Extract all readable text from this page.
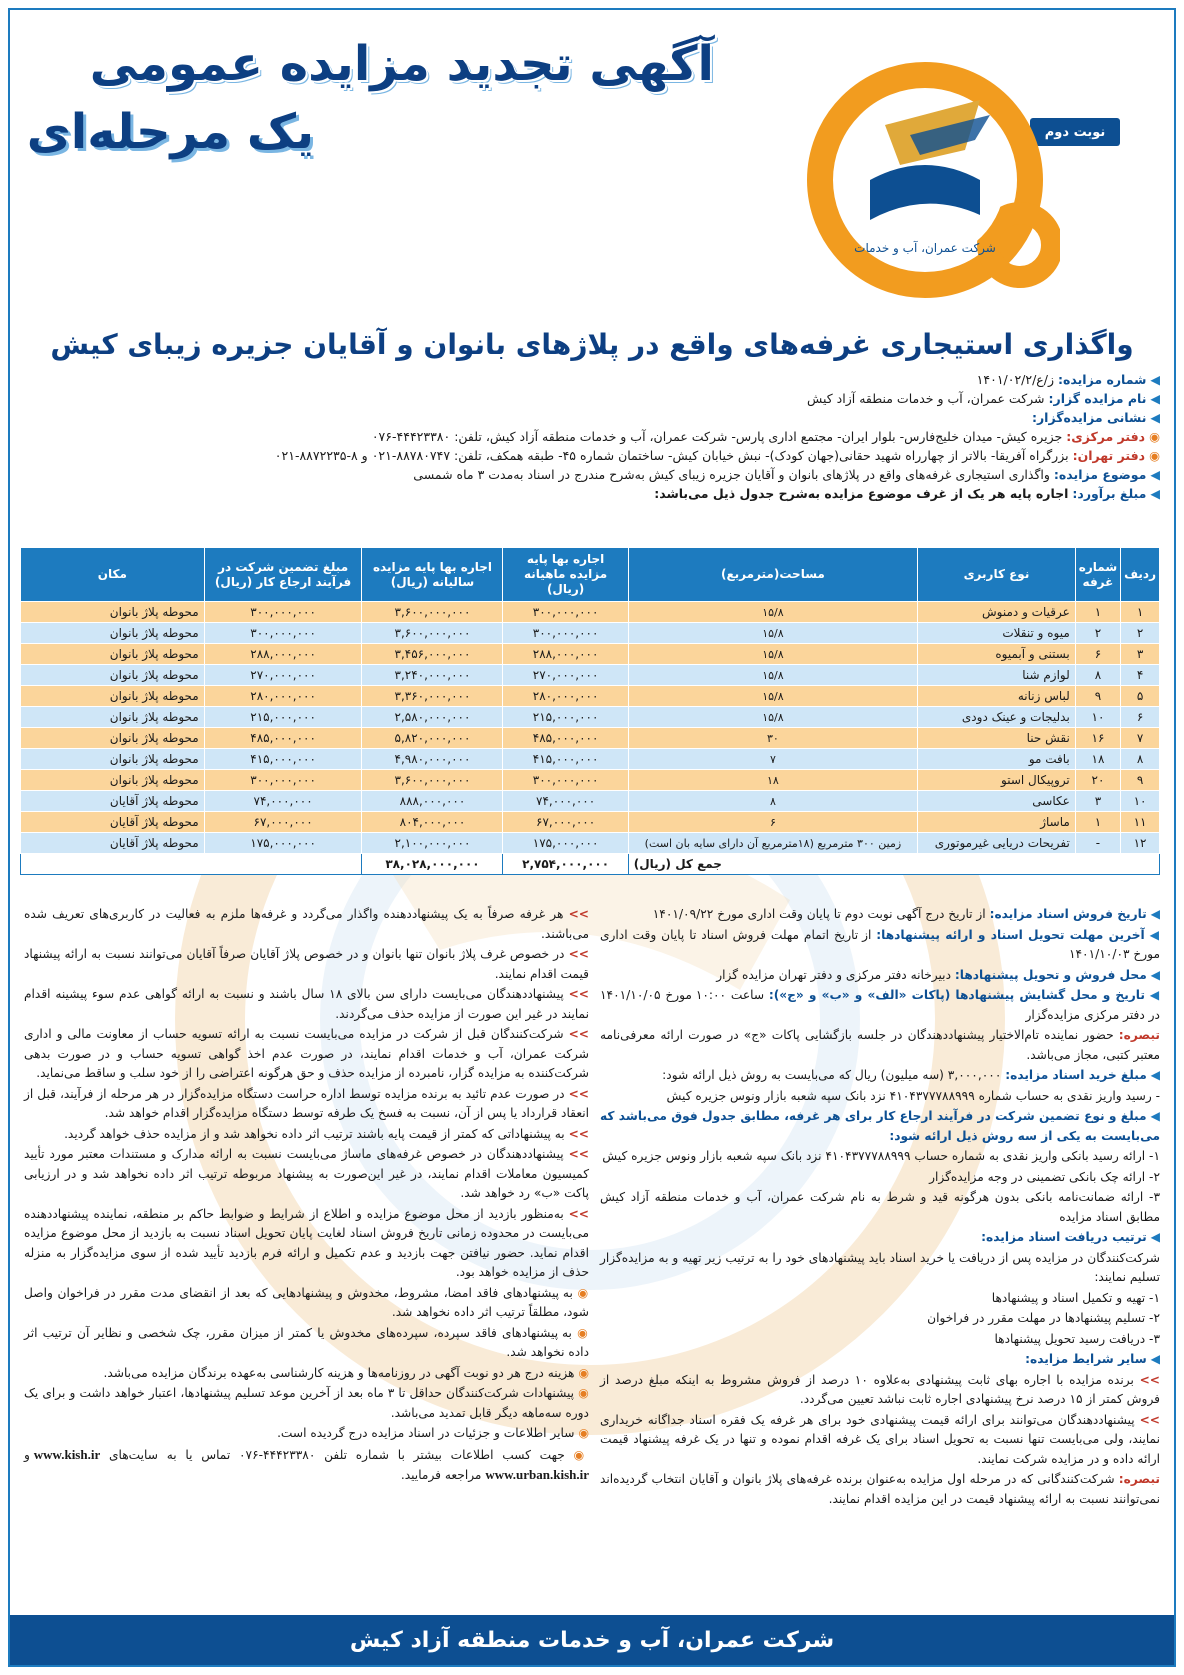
آگهی تجدید مزایده عمومی
یک مرحله‌ای	نوبت دوم
شرکت عمران، آب و خدمات
واگذاری استیجاری غرفه‌های واقع در پلاژهای بانوان و آقایان جزیره زیبای کیش
◀ شماره مزایده: ز/ع/۱۴۰۱/۰۲/۲
◀ نام مزایده گزار: شرکت عمران، آب و خدمات منطقه آزاد کیش
◀ نشانی مزایده‌گزار:
◉ دفتر مرکزی: جزیره کیش- میدان خلیج‌فارس- بلوار ایران- مجتمع اداری پارس- شرکت عمران، آب و خدمات منطقه آزاد کیش، تلفن: ۴۴۴۲۳۳۸۰-۰۷۶
◉ دفتر تهران: بزرگراه آفریقا- بالاتر از چهارراه شهید حقانی(جهان کودک)- نبش خیابان کیش- ساختمان شماره ۴۵- طبقه همکف، تلفن: ۸۸۷۸۰۷۴۷-۰۲۱ و ۸-۸۸۷۲۲۳۵-۰۲۱
◀ موضوع مزایده: واگذاری استیجاری غرفه‌های واقع در پلاژهای بانوان و آقایان جزیره زیبای کیش به‌شرح مندرج در اسناد به‌مدت ۳ ماه شمسی
◀ مبلغ برآورد: اجاره پایه هر یک از غرف موضوع مزایده به‌شرح جدول ذیل می‌باشد:
ردیف	شماره غرفه	نوع کاربری	مساحت(مترمربع)	اجاره بها پایه مزایده ماهیانه (ریال)	اجاره بها پایه مزایده سالیانه (ریال)	مبلغ تضمین شرکت در فرآیند ارجاع کار (ریال)	مکان
۱	۱	عرقیات و دمنوش	۱۵/۸	۳۰۰,۰۰۰,۰۰۰	۳,۶۰۰,۰۰۰,۰۰۰	۳۰۰,۰۰۰,۰۰۰	محوطه پلاژ بانوان
۲	۲	میوه و تنقلات	۱۵/۸	۳۰۰,۰۰۰,۰۰۰	۳,۶۰۰,۰۰۰,۰۰۰	۳۰۰,۰۰۰,۰۰۰	محوطه پلاژ بانوان
۳	۶	بستنی و آبمیوه	۱۵/۸	۲۸۸,۰۰۰,۰۰۰	۳,۴۵۶,۰۰۰,۰۰۰	۲۸۸,۰۰۰,۰۰۰	محوطه پلاژ بانوان
۴	۸	لوازم شنا	۱۵/۸	۲۷۰,۰۰۰,۰۰۰	۳,۲۴۰,۰۰۰,۰۰۰	۲۷۰,۰۰۰,۰۰۰	محوطه پلاژ بانوان
۵	۹	لباس زنانه	۱۵/۸	۲۸۰,۰۰۰,۰۰۰	۳,۳۶۰,۰۰۰,۰۰۰	۲۸۰,۰۰۰,۰۰۰	محوطه پلاژ بانوان
۶	۱۰	بدلیجات و عینک دودی	۱۵/۸	۲۱۵,۰۰۰,۰۰۰	۲,۵۸۰,۰۰۰,۰۰۰	۲۱۵,۰۰۰,۰۰۰	محوطه پلاژ بانوان
۷	۱۶	نقش حنا	۳۰	۴۸۵,۰۰۰,۰۰۰	۵,۸۲۰,۰۰۰,۰۰۰	۴۸۵,۰۰۰,۰۰۰	محوطه پلاژ بانوان
۸	۱۸	بافت مو	۷	۴۱۵,۰۰۰,۰۰۰	۴,۹۸۰,۰۰۰,۰۰۰	۴۱۵,۰۰۰,۰۰۰	محوطه پلاژ بانوان
۹	۲۰	تروپیکال استو	۱۸	۳۰۰,۰۰۰,۰۰۰	۳,۶۰۰,۰۰۰,۰۰۰	۳۰۰,۰۰۰,۰۰۰	محوطه پلاژ بانوان
۱۰	۳	عکاسی	۸	۷۴,۰۰۰,۰۰۰	۸۸۸,۰۰۰,۰۰۰	۷۴,۰۰۰,۰۰۰	محوطه پلاژ آقایان
۱۱	۱	ماساژ	۶	۶۷,۰۰۰,۰۰۰	۸۰۴,۰۰۰,۰۰۰	۶۷,۰۰۰,۰۰۰	محوطه پلاژ آقایان
۱۲	-	تفریحات دریایی غیرموتوری	زمین ۳۰۰ مترمربع (۱۸مترمربع آن دارای سایه بان است)	۱۷۵,۰۰۰,۰۰۰	۲,۱۰۰,۰۰۰,۰۰۰	۱۷۵,۰۰۰,۰۰۰	محوطه پلاژ آقایان
جمع کل (ریال)				۲,۷۵۴,۰۰۰,۰۰۰	۳۸,۰۲۸,۰۰۰,۰۰۰		

◀ تاریخ فروش اسناد مزایده: از تاریخ درج آگهی نوبت دوم تا پایان وقت اداری مورخ ۱۴۰۱/۰۹/۲۲

◀ آخرین مهلت تحویل اسناد و ارائه پیشنهادها: از تاریخ اتمام مهلت فروش اسناد تا پایان وقت اداری مورخ ۱۴۰۱/۱۰/۰۳

◀ محل فروش و تحویل پیشنهادها: دبیرخانه دفتر مرکزی و دفتر تهران مزایده گزار

◀ تاریخ و محل گشایش پیشنهادها (پاکات «الف» و «ب» و «ج»): ساعت ۱۰:۰۰ مورخ ۱۴۰۱/۱۰/۰۵ در دفتر مرکزی مزایده‌گزار

تبصره: حضور نماینده تام‌الاختیار پیشنهاددهندگان در جلسه بازگشایی پاکات «ج» در صورت ارائه معرفی‌نامه معتبر کتبی، مجاز می‌باشد.

◀ مبلغ خرید اسناد مزایده: ۳,۰۰۰,۰۰۰ (سه میلیون) ریال که می‌بایست به روش ذیل ارائه شود:

- رسید واریز نقدی به حساب شماره ۴۱۰۴۳۷۷۷۸۸۹۹۹ نزد بانک سپه شعبه بازار ونوس جزیره کیش

◀ مبلغ و نوع تضمین شرکت در فرآیند ارجاع کار برای هر غرفه، مطابق جدول فوق می‌باشد که می‌بایست به یکی از سه روش ذیل ارائه شود:

۱- ارائه رسید بانکی واریز نقدی به شماره حساب ۴۱۰۴۳۷۷۷۸۸۹۹۹ نزد بانک سپه شعبه بازار ونوس جزیره کیش

۲- ارائه چک بانکی تضمینی در وجه مزایده‌گزار

۳- ارائه ضمانت‌نامه بانکی بدون هرگونه قید و شرط به نام شرکت عمران، آب و خدمات منطقه آزاد کیش مطابق اسناد مزایده

◀ ترتیب دریافت اسناد مزایده:

شرکت‌کنندگان در مزایده پس از دریافت یا خرید اسناد باید پیشنهادهای خود را به ترتیب زیر تهیه و به مزایده‌گزار تسلیم نمایند:

۱- تهیه و تکمیل اسناد و پیشنهادها

۲- تسلیم پیشنهادها در مهلت مقرر در فراخوان

۳- دریافت رسید تحویل پیشنهادها

◀ سایر شرایط مزایده:

>> برنده مزایده با اجاره بهای ثابت پیشنهادی به‌علاوه ۱۰ درصد از فروش مشروط به اینکه مبلغ درصد از فروش کمتر از ۱۵ درصد نرخ پیشنهادی اجاره ثابت نباشد تعیین می‌گردد.

>> پیشنهاددهندگان می‌توانند برای ارائه قیمت پیشنهادی خود برای هر غرفه یک فقره اسناد جداگانه خریداری نمایند، ولی می‌بایست تنها نسبت به تحویل اسناد برای یک غرفه اقدام نموده و تنها در یک غرفه پیشنهاد قیمت ارائه داده و در مزایده شرکت نمایند.

تبصره: شرکت‌کنندگانی که در مرحله اول مزایده به‌عنوان برنده غرفه‌های پلاژ بانوان و آقایان انتخاب گردیده‌اند نمی‌توانند نسبت به ارائه پیشنهاد قیمت در این مزایده اقدام نمایند.

>> هر غرفه صرفاً به یک پیشنهاددهنده واگذار می‌گردد و غرفه‌ها ملزم به فعالیت در کاربری‌های تعریف شده می‌باشند.

>> در خصوص غرف پلاژ بانوان تنها بانوان و در خصوص پلاژ آقایان صرفاً آقایان می‌توانند نسبت به ارائه پیشنهاد قیمت اقدام نمایند.

>> پیشنهاددهندگان می‌بایست دارای سن بالای ۱۸ سال باشند و نسبت به ارائه گواهی عدم سوء پیشینه اقدام نمایند در غیر این صورت از مزایده حذف می‌گردند.

>> شرکت‌کنندگان قبل از شرکت در مزایده می‌بایست نسبت به ارائه تسویه حساب از معاونت مالی و اداری شرکت عمران، آب و خدمات اقدام نمایند، در صورت عدم اخذ گواهی تسویه حساب و در صورت بدهی شرکت‌کننده به مزایده گزار، نامبرده از مزایده حذف و حق هرگونه اعتراضی را از خود سلب و ساقط می‌نماید.

>> در صورت عدم تائید به برنده مزایده توسط اداره حراست دستگاه مزایده‌گزار در هر مرحله از فرآیند، قبل از انعقاد قرارداد یا پس از آن، نسبت به فسخ یک طرفه توسط دستگاه مزایده‌گزار اقدام خواهد شد.

>> به پیشنهاداتی که کمتر از قیمت پایه باشند ترتیب اثر داده نخواهد شد و از مزایده حذف خواهد گردید.

>> پیشنهاددهندگان در خصوص غرفه‌های ماساژ می‌بایست نسبت به ارائه مدارک و مستندات معتبر مورد تأیید کمیسیون معاملات اقدام نمایند، در غیر این‌صورت به پیشنهاد مربوطه ترتیب اثر داده نخواهد شد و در ارزیابی پاکت «ب» رد خواهد شد.

>> به‌منظور بازدید از محل موضوع مزایده و اطلاع از شرایط و ضوابط حاکم بر منطقه، نماینده پیشنهاددهنده می‌بایست در محدوده زمانی تاریخ فروش اسناد لغایت پایان تحویل اسناد نسبت به بازدید از محل موضوع مزایده اقدام نماید. حضور نیافتن جهت بازدید و عدم تکمیل و ارائه فرم بازدید تأیید شده از سوی مزایده‌گزار به منزله حذف از مزایده خواهد بود.

◉ به پیشنهادهای فاقد امضا، مشروط، مخدوش و پیشنهادهایی که بعد از انقضای مدت مقرر در فراخوان واصل شود، مطلقاً ترتیب اثر داده نخواهد شد.

◉ به پیشنهادهای فاقد سپرده، سپرده‌های مخدوش یا کمتر از میزان مقرر، چک شخصی و نظایر آن ترتیب اثر داده نخواهد شد.

◉ هزینه درج هر دو نوبت آگهی در روزنامه‌ها و هزینه کارشناسی به‌عهده برندگان مزایده می‌باشد.

◉ پیشنهادات شرکت‌کنندگان حداقل تا ۳ ماه بعد از آخرین موعد تسلیم پیشنهادها، اعتبار خواهد داشت و برای یک دوره سه‌ماهه دیگر قابل تمدید می‌باشد.

◉ سایر اطلاعات و جزئیات در اسناد مزایده درج گردیده است.

◉ جهت کسب اطلاعات بیشتر با شماره تلفن ۴۴۴۲۳۳۸۰-۰۷۶ تماس یا به سایت‌های www.kish.ir و www.urban.kish.ir مراجعه فرمایید.

شرکت عمران، آب و خدمات منطقه آزاد کیش
